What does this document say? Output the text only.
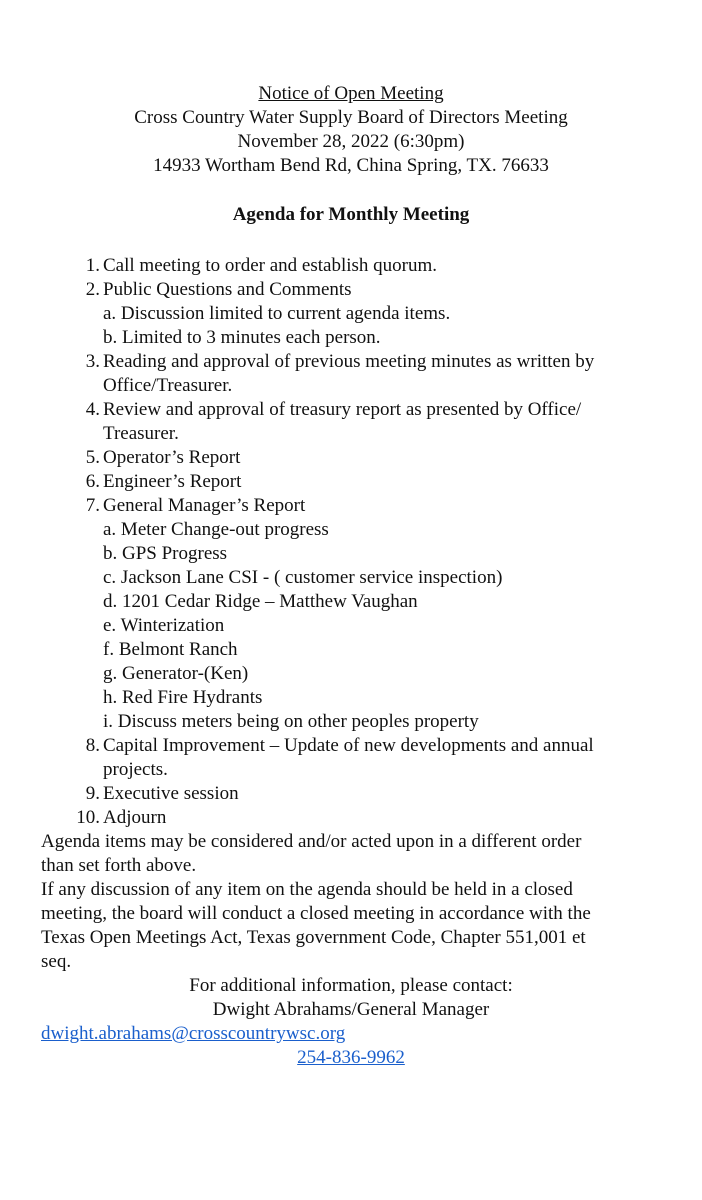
Notice of Open Meeting
Cross Country Water Supply Board of Directors Meeting
November 28, 2022 (6:30pm)
14933 Wortham Bend Rd, China Spring, TX. 76633
Agenda for Monthly Meeting
1. Call meeting to order and establish quorum.
2. Public Questions and Comments
a. Discussion limited to current agenda items.
b. Limited to 3 minutes each person.
3. Reading and approval of previous meeting minutes as written by
Office/Treasurer.
4. Review and approval of treasury report as presented by Office/
Treasurer.
5. Operator’s Report
6. Engineer’s Report
7. General Manager’s Report
a. Meter Change-out progress
b. GPS Progress
c. Jackson Lane CSI - ( customer service inspection)
d. 1201 Cedar Ridge – Matthew Vaughan
e. Winterization
f. Belmont Ranch
g. Generator-(Ken)
h. Red Fire Hydrants
i. Discuss meters being on other peoples property
8. Capital Improvement – Update of new developments and annual
projects.
9. Executive session
10. Adjourn
Agenda items may be considered and/or acted upon in a different order
than set forth above.
If any discussion of any item on the agenda should be held in a closed
meeting, the board will conduct a closed meeting in accordance with the
Texas Open Meetings Act, Texas government Code, Chapter 551,001 et
seq.
For additional information, please contact:
Dwight Abrahams/General Manager
dwight.abrahams@crosscountrywsc.org
254-836-9962
